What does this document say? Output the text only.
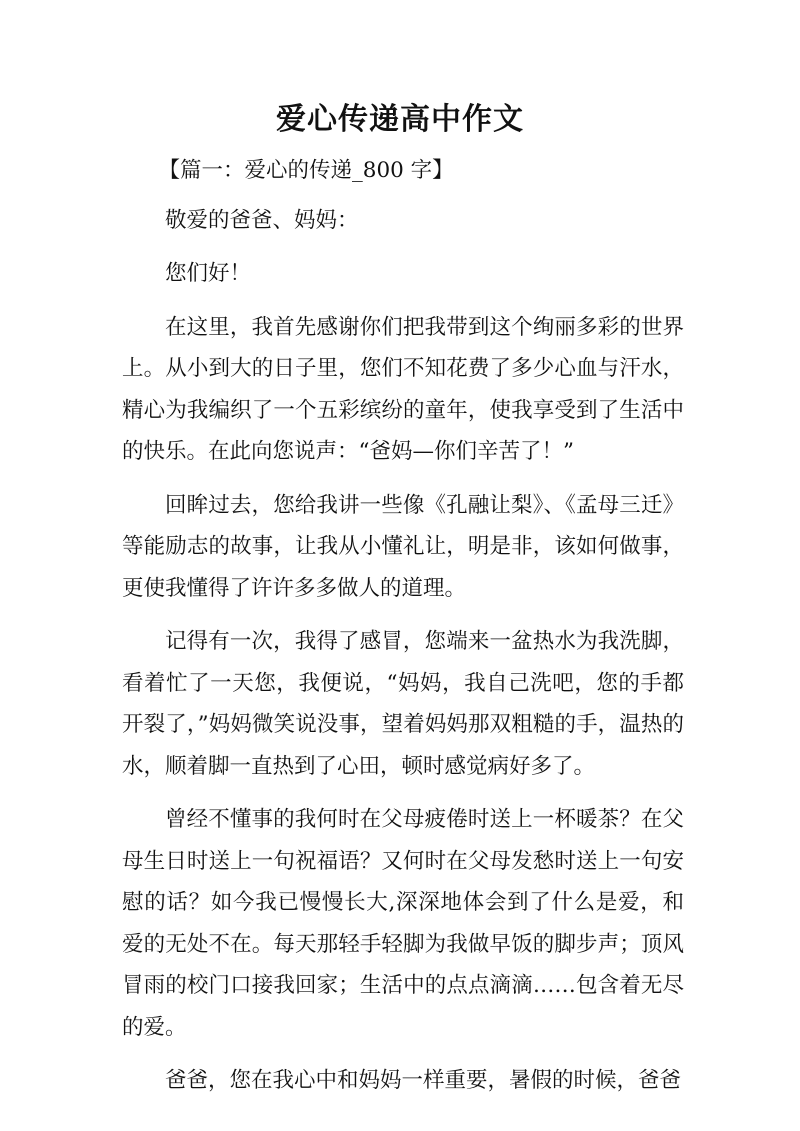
爱心传递高中作文

【篇一：爱心的传递_800 字】

敬爱的爸爸、妈妈：

您们好！

在这里，我首先感谢你们把我带到这个绚丽多彩的世界上。从小到大的日子里，您们不知花费了多少心血与汗水，精心为我编织了一个五彩缤纷的童年，使我享受到了生活中的快乐。在此向您说声：“爸妈—你们辛苦了！”

回眸过去，您给我讲一些像《孔融让梨》、《孟母三迁》等能励志的故事，让我从小懂礼让，明是非，该如何做事，更使我懂得了许许多多做人的道理。

记得有一次，我得了感冒，您端来一盆热水为我洗脚，看着忙了一天您，我便说，“妈妈，我自己洗吧，您的手都开裂了，”妈妈微笑说没事，望着妈妈那双粗糙的手，温热的水，顺着脚一直热到了心田，顿时感觉病好多了。

曾经不懂事的我何时在父母疲倦时送上一杯暖茶？在父母生日时送上一句祝福语？又何时在父母发愁时送上一句安慰的话？如今我已慢慢长大,深深地体会到了什么是爱，和爱的无处不在。每天那轻手轻脚为我做早饭的脚步声；顶风冒雨的校门口接我回家；生活中的点点滴滴……包含着无尽的爱。

爸爸，您在我心中和妈妈一样重要，暑假的时候，爸爸
